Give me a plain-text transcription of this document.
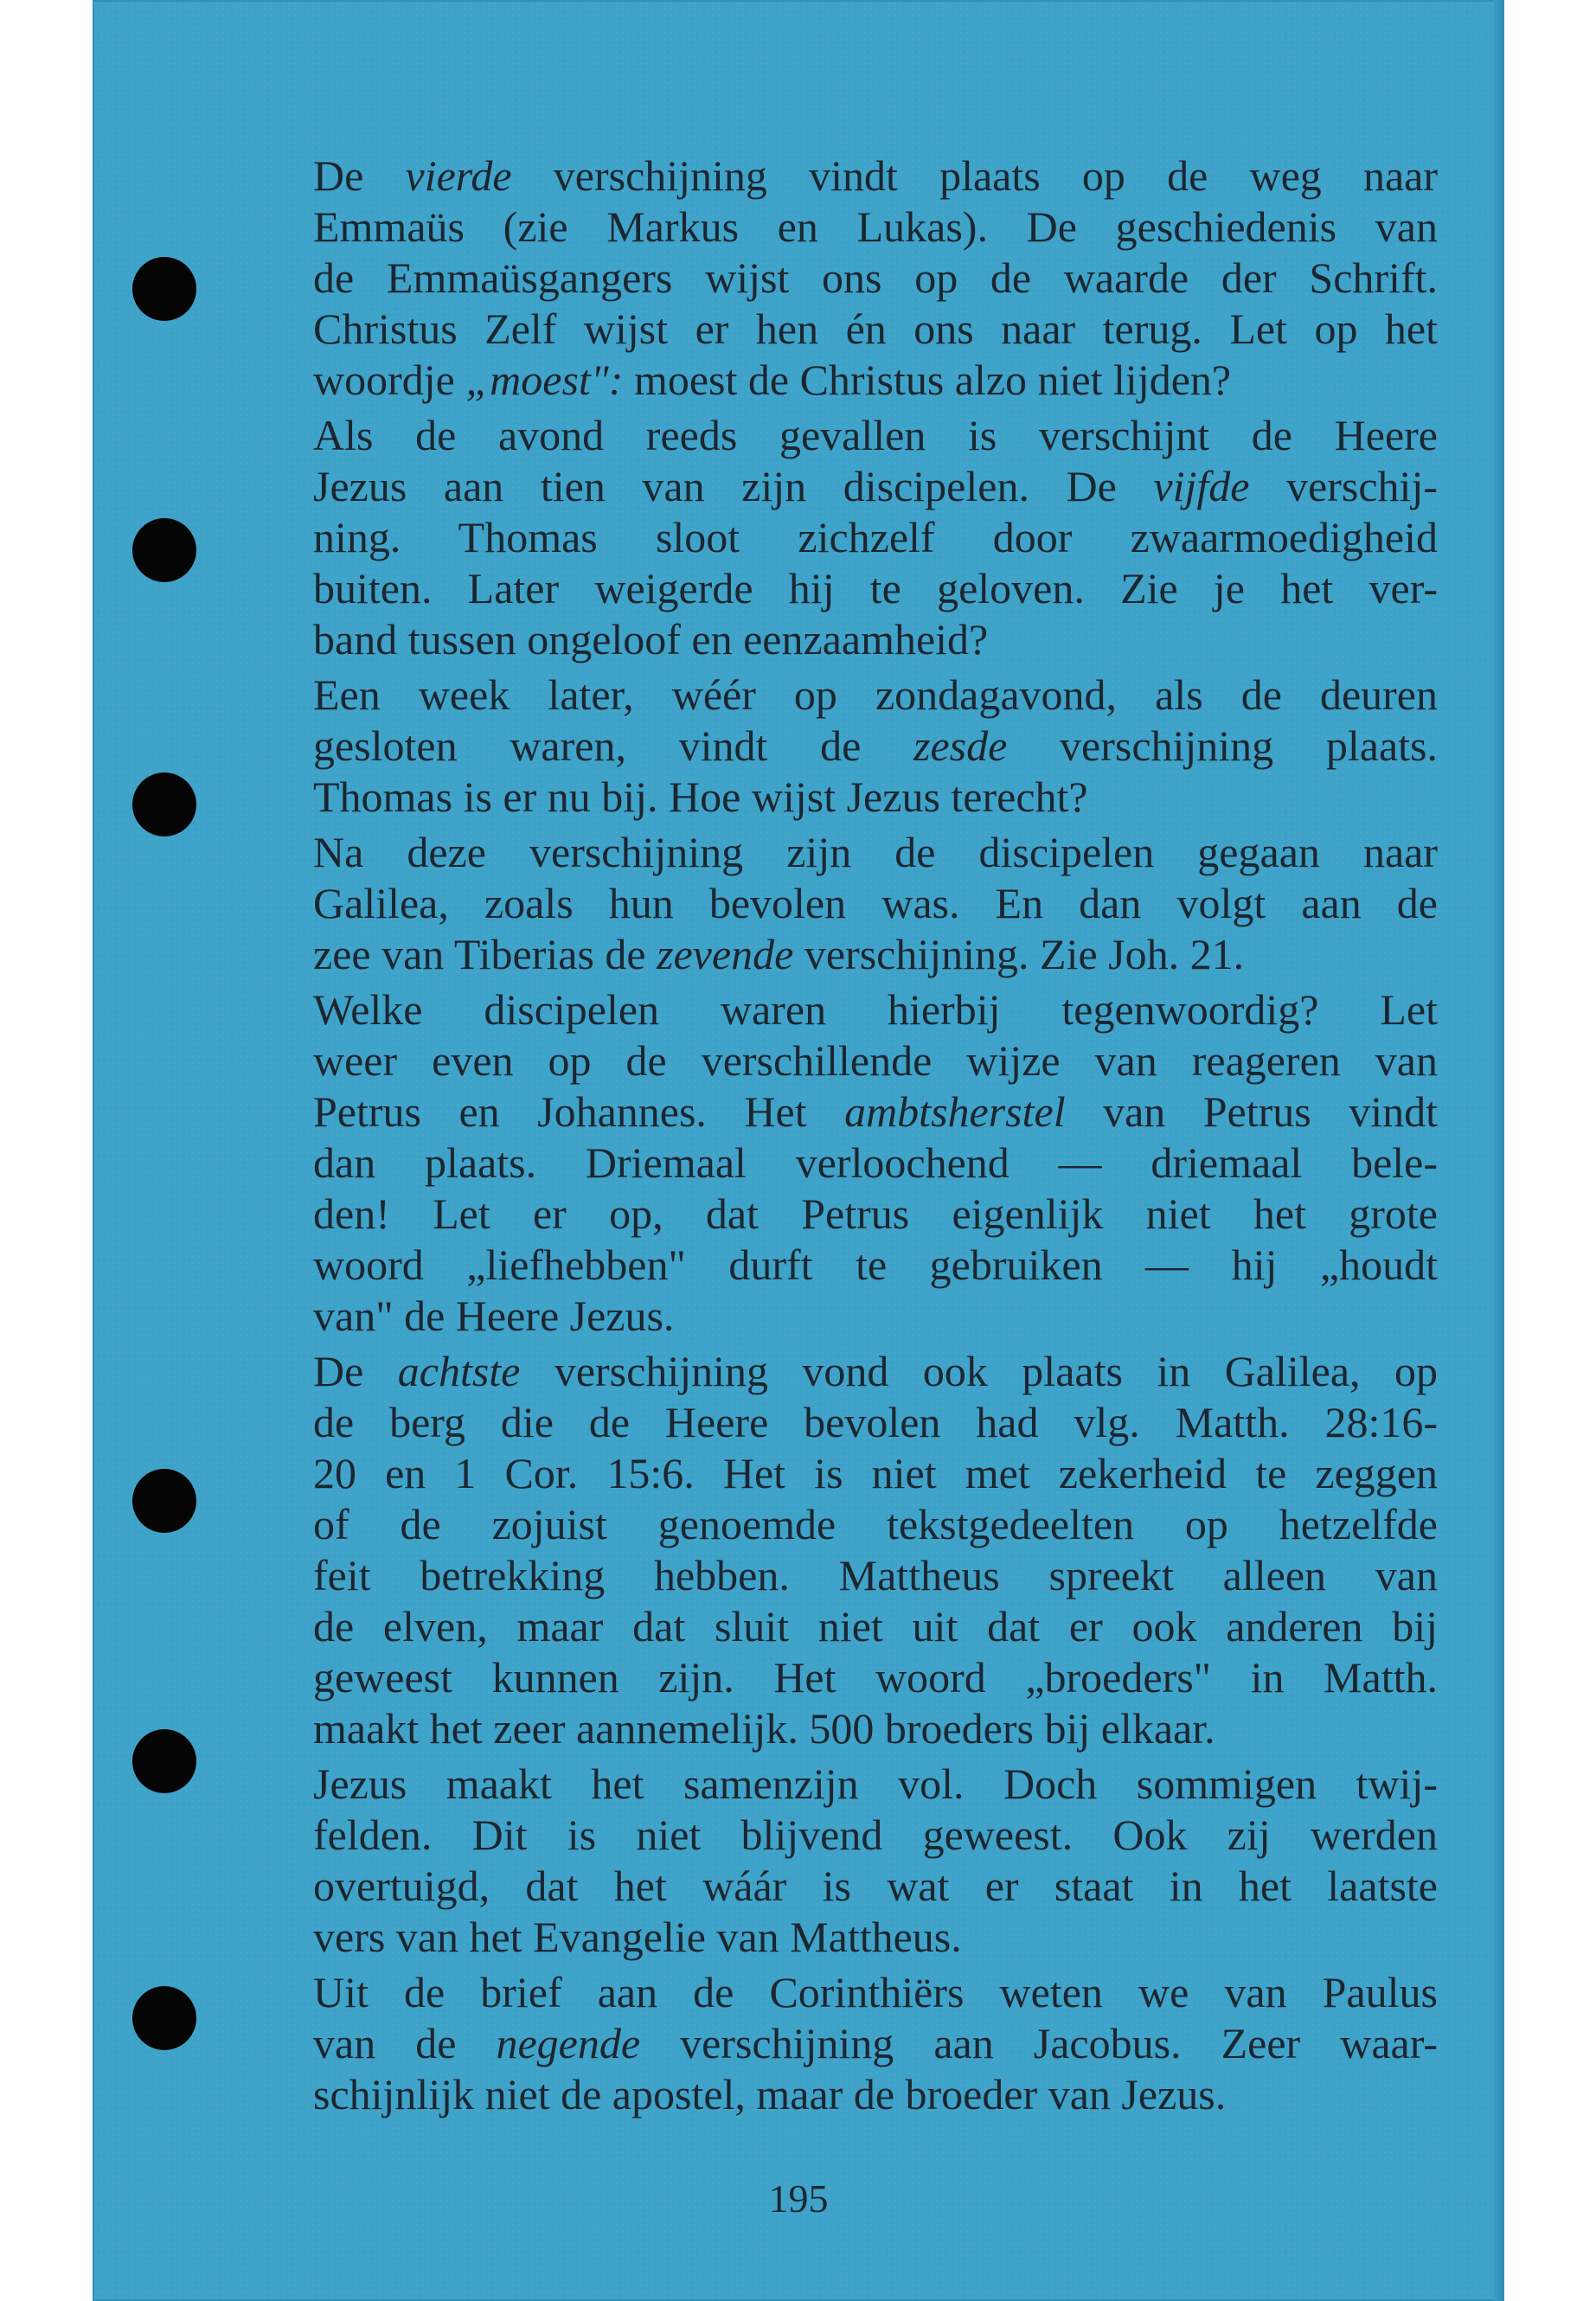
De vierde verschijning vindt plaats op de weg naar
Emmaüs (zie Markus en Lukas). De geschiedenis van
de Emmaüsgangers wijst ons op de waarde der Schrift.
Christus Zelf wijst er hen én ons naar terug. Let op het
woordje „moest": moest de Christus alzo niet lijden?
Als de avond reeds gevallen is verschijnt de Heere
Jezus aan tien van zijn discipelen. De vijfde verschij-
ning. Thomas sloot zichzelf door zwaarmoedigheid
buiten. Later weigerde hij te geloven. Zie je het ver-
band tussen ongeloof en eenzaamheid?
Een week later, wéér op zondagavond, als de deuren
gesloten waren, vindt de zesde verschijning plaats.
Thomas is er nu bij. Hoe wijst Jezus terecht?
Na deze verschijning zijn de discipelen gegaan naar
Galilea, zoals hun bevolen was. En dan volgt aan de
zee van Tiberias de zevende verschijning. Zie Joh. 21.
Welke discipelen waren hierbij tegenwoordig? Let
weer even op de verschillende wijze van reageren van
Petrus en Johannes. Het ambtsherstel van Petrus vindt
dan plaats. Driemaal verloochend — driemaal bele-
den! Let er op, dat Petrus eigenlijk niet het grote
woord „liefhebben" durft te gebruiken — hij „houdt
van" de Heere Jezus.
De achtste verschijning vond ook plaats in Galilea, op
de berg die de Heere bevolen had vlg. Matth. 28:16-
20 en 1 Cor. 15:6. Het is niet met zekerheid te zeggen
of de zojuist genoemde tekstgedeelten op hetzelfde
feit betrekking hebben. Mattheus spreekt alleen van
de elven, maar dat sluit niet uit dat er ook anderen bij
geweest kunnen zijn. Het woord „broeders" in Matth.
maakt het zeer aannemelijk. 500 broeders bij elkaar.
Jezus maakt het samenzijn vol. Doch sommigen twij-
felden. Dit is niet blijvend geweest. Ook zij werden
overtuigd, dat het wáár is wat er staat in het laatste
vers van het Evangelie van Mattheus.
Uit de brief aan de Corinthiërs weten we van Paulus
van de negende verschijning aan Jacobus. Zeer waar-
schijnlijk niet de apostel, maar de broeder van Jezus.
195
